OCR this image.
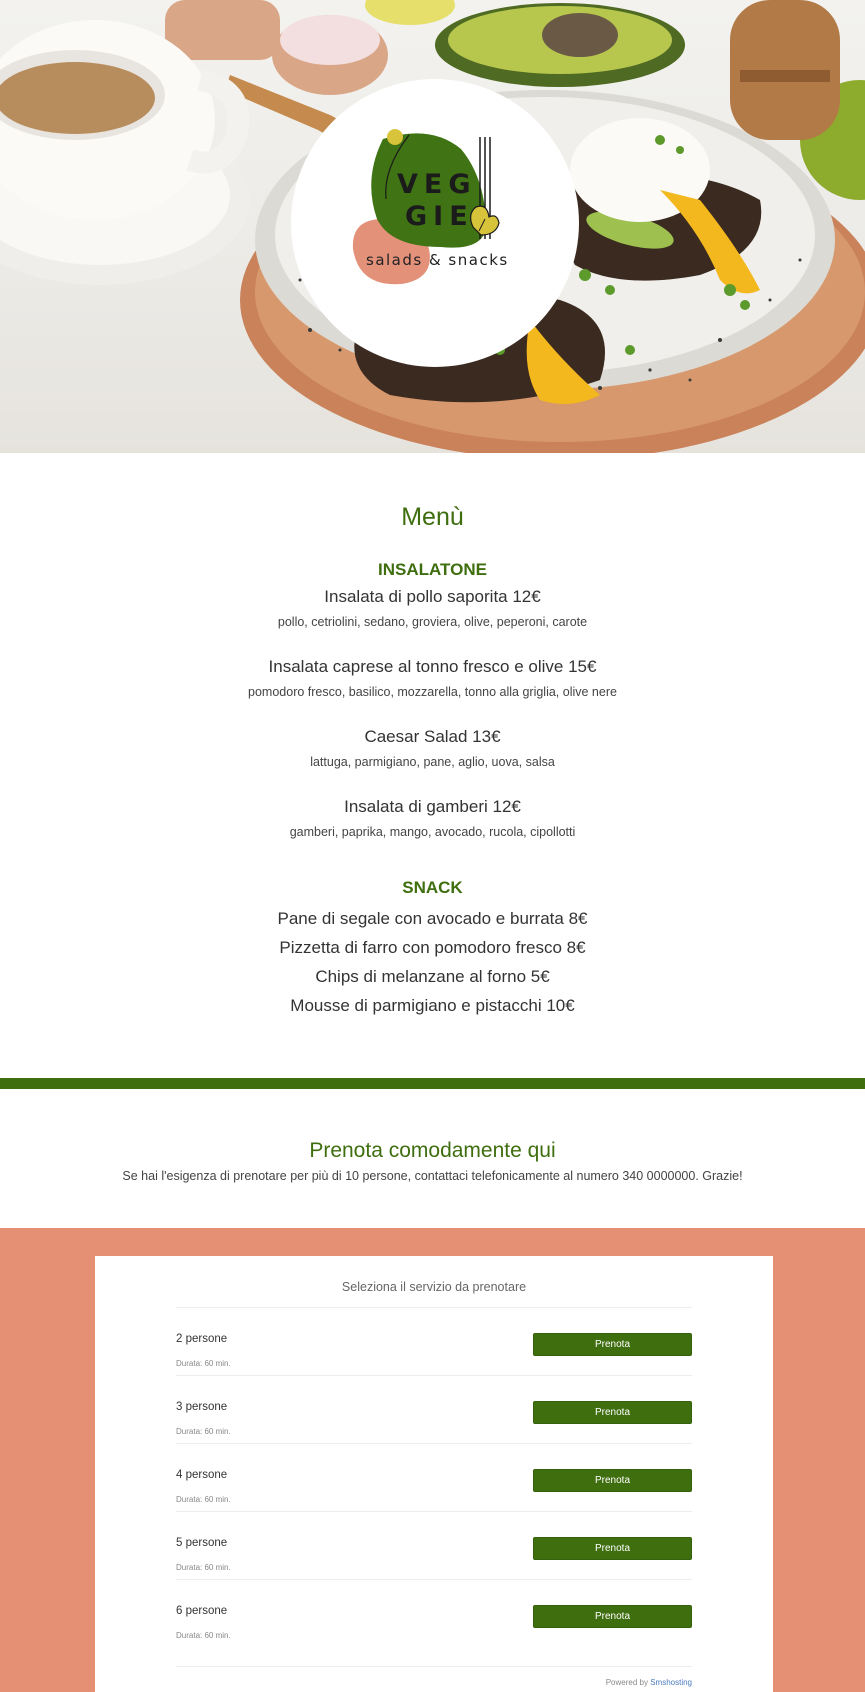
VEG
GIE
salads & snacks
Menù
INSALATONE
Insalata di pollo saporita 12€
pollo, cetriolini, sedano, groviera, olive, peperoni, carote
Insalata caprese al tonno fresco e olive 15€
pomodoro fresco, basilico, mozzarella, tonno alla griglia, olive nere
Caesar Salad 13€
lattuga, parmigiano, pane, aglio, uova, salsa
Insalata di gamberi 12€
gamberi, paprika, mango, avocado, rucola, cipollotti
SNACK
Pane di segale con avocado e burrata 8€
Pizzetta di farro con pomodoro fresco 8€
Chips di melanzane al forno 5€
Mousse di parmigiano e pistacchi 10€
Prenota comodamente qui
Se hai l'esigenza di prenotare per più di 10 persone, contattaci telefonicamente al numero 340 0000000. Grazie!
Seleziona il servizio da prenotare
2 persone
Durata: 60 min.
Prenota
3 persone
Durata: 60 min.
Prenota
4 persone
Durata: 60 min.
Prenota
5 persone
Durata: 60 min.
Prenota
6 persone
Durata: 60 min.
Prenota
Powered by Smshosting
